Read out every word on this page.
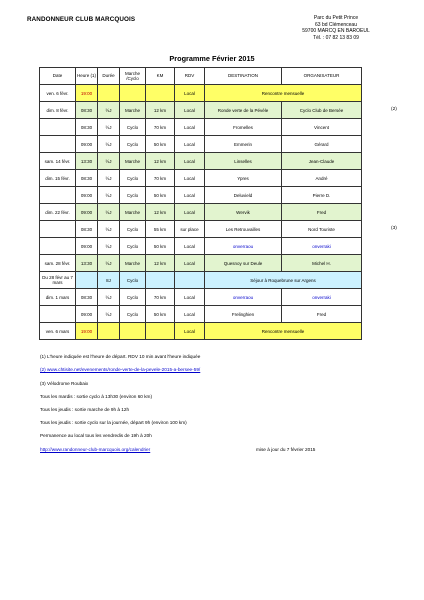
RANDONNEUR CLUB MARCQUOIS	Parc du Petit Prince
63 bd Clémenceau
59700 MARCQ EN BAROEUL
Tél. : 07 82 13 83 09
Programme Février 2015
Date	Heure (1)	Durée	Marche /Cyclo	KM	RDV	DESTINATION	ORGANISATEUR
ven. 6 févr.	19:00				Local	Rencontre mensuelle	
dim. 8 févr.	08:30	½J	Marche	12 km	Local	Ronde verte de la Pévèle	Cyclo Club de Bersée
	08:30	½J	Cyclo	70 km	Local	Fromelles	Vincent
	09:00	½J	Cyclo	50 km	Local	Emmerin	Gérard
sam. 14 févr.	13:30	½J	Marche	12 km	Local	Linselles	Jean-Claude
dim. 15 févr.	08:30	½J	Cyclo	70 km	Local	Ypres	André
	09:00	½J	Cyclo	50 km	Local	Deluvield	Pierre D.
dim. 22 févr.	09:00	½J	Marche	12 km	Local	Wervik	Fred
	08:30	½J	Cyclo	55 km	sur place	Les Retrouvailles	Nord Touriste
	09:00	½J	Cyclo	50 km	Local	onverraou	onverraki
sam. 28 févr.	13:30	½J	Marche	12 km	Local	Quesnoy sur Deule	Michel H.
Du 28 févr au 7 mars		8J	Cyclo			Séjour à Roquebrune sur Argens	
dim. 1 mars	08:30	½J	Cyclo	70 km	Local	onverraou	onverraki
	09:00	½J	Cyclo	50 km	Local	Frelinghien	Fred
ven. 6 mars	19:00				Local	Rencontre mensuelle	
(2)
(3)
(1) L'heure indiquée est l'heure de départ. RDV 10 min avant l'heure indiquée
(2) www.chtisite.net/evenements/ronde-verte-de-la-pevele-2015-a-bersee-59/
(3) Vélodrome Roubaix
Tous les mardis : sortie cyclo à 13h30 (environ 60 km)
Tous les jeudis : sortie marche de 9h à 12h
Tous les jeudis : sortie cyclo sur la journée, départ 9h (environ 100 km)
Permanence au local tous les vendredis de 19h à 20h
http://www.randonneur-club-marcquois.org/calendrier	mise à jour du 7 février 2015
